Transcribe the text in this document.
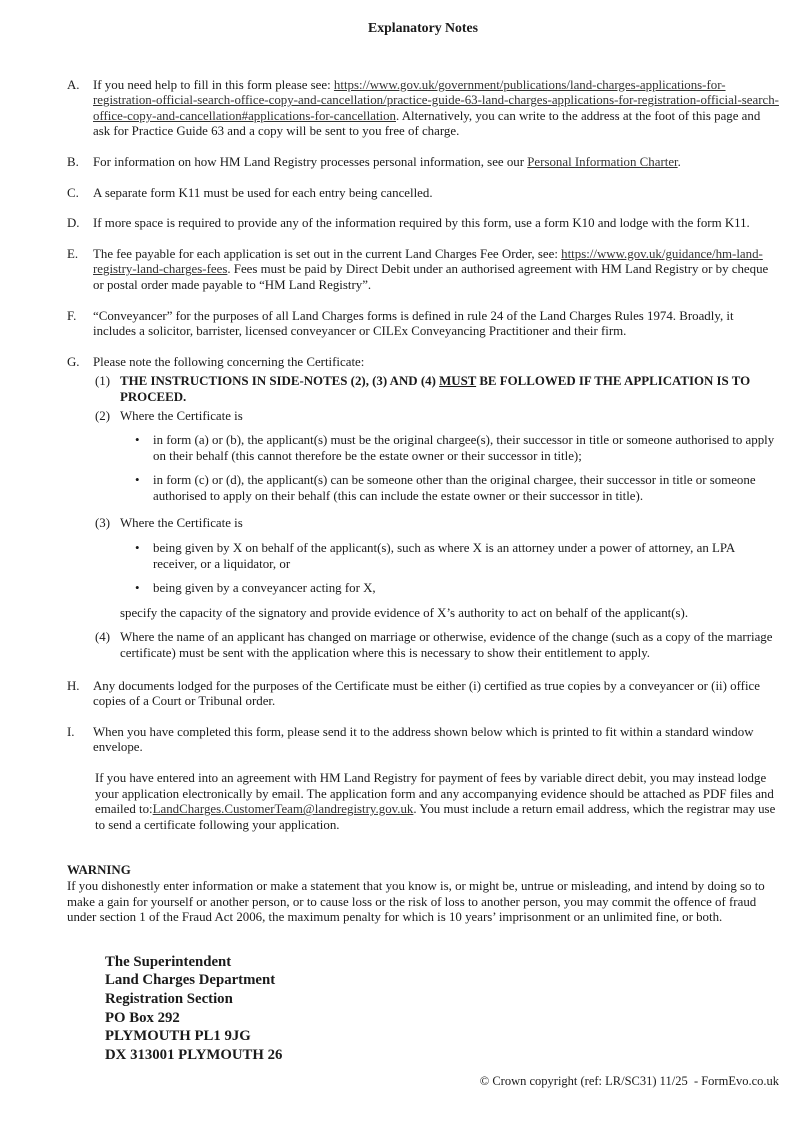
Explanatory Notes
A.	If you need help to fill in this form please see: https://www.gov.uk/government/publications/land-charges-applications-for-registration-official-search-office-copy-and-cancellation/practice-guide-63-land-charges-applications-for-registration-official-search-office-copy-and-cancellation#applications-for-cancellation. Alternatively, you can write to the address at the foot of this page and ask for Practice Guide 63 and a copy will be sent to you free of charge.
B.	For information on how HM Land Registry processes personal information, see our Personal Information Charter.
C.	A separate form K11 must be used for each entry being cancelled.
D.	If more space is required to provide any of the information required by this form, use a form K10 and lodge with the form K11.
E.	The fee payable for each application is set out in the current Land Charges Fee Order, see: https://www.gov.uk/guidance/hm-land-registry-land-charges-fees. Fees must be paid by Direct Debit under an authorised agreement with HM Land Registry or by cheque or postal order made payable to “HM Land Registry”.
F.	“Conveyancer” for the purposes of all Land Charges forms is defined in rule 24 of the Land Charges Rules 1974. Broadly, it includes a solicitor, barrister, licensed conveyancer or CILEx Conveyancing Practitioner and their firm.
G.	Please note the following concerning the Certificate:
(1) THE INSTRUCTIONS IN SIDE-NOTES (2), (3) AND (4) MUST BE FOLLOWED IF THE APPLICATION IS TO PROCEED.
(2) Where the Certificate is
•	in form (a) or (b), the applicant(s) must be the original chargee(s), their successor in title or someone authorised to apply on their behalf (this cannot therefore be the estate owner or their successor in title);
•	in form (c) or (d), the applicant(s) can be someone other than the original chargee, their successor in title or someone authorised to apply on their behalf (this can include the estate owner or their successor in title).
(3) Where the Certificate is
•	being given by X on behalf of the applicant(s), such as where X is an attorney under a power of attorney, an LPA receiver, or a liquidator, or
•	being given by a conveyancer acting for X,
specify the capacity of the signatory and provide evidence of X’s authority to act on behalf of the applicant(s).
(4) Where the name of an applicant has changed on marriage or otherwise, evidence of the change (such as a copy of the marriage certificate) must be sent with the application where this is necessary to show their entitlement to apply.
H.	Any documents lodged for the purposes of the Certificate must be either (i) certified as true copies by a conveyancer or (ii) office copies of a Court or Tribunal order.
I.	When you have completed this form, please send it to the address shown below which is printed to fit within a standard window envelope.
If you have entered into an agreement with HM Land Registry for payment of fees by variable direct debit, you may instead lodge your application electronically by email. The application form and any accompanying evidence should be attached as PDF files and emailed to:LandCharges.CustomerTeam@landregistry.gov.uk. You must include a return email address, which the registrar may use to send a certificate following your application.
WARNING
If you dishonestly enter information or make a statement that you know is, or might be, untrue or misleading, and intend by doing so to make a gain for yourself or another person, or to cause loss or the risk of loss to another person, you may commit the offence of fraud under section 1 of the Fraud Act 2006, the maximum penalty for which is 10 years’ imprisonment or an unlimited fine, or both.
The Superintendent
Land Charges Department
Registration Section
PO Box 292
PLYMOUTH PL1 9JG
DX 313001 PLYMOUTH 26
© Crown copyright (ref: LR/SC31) 11/25  - FormEvo.co.uk
